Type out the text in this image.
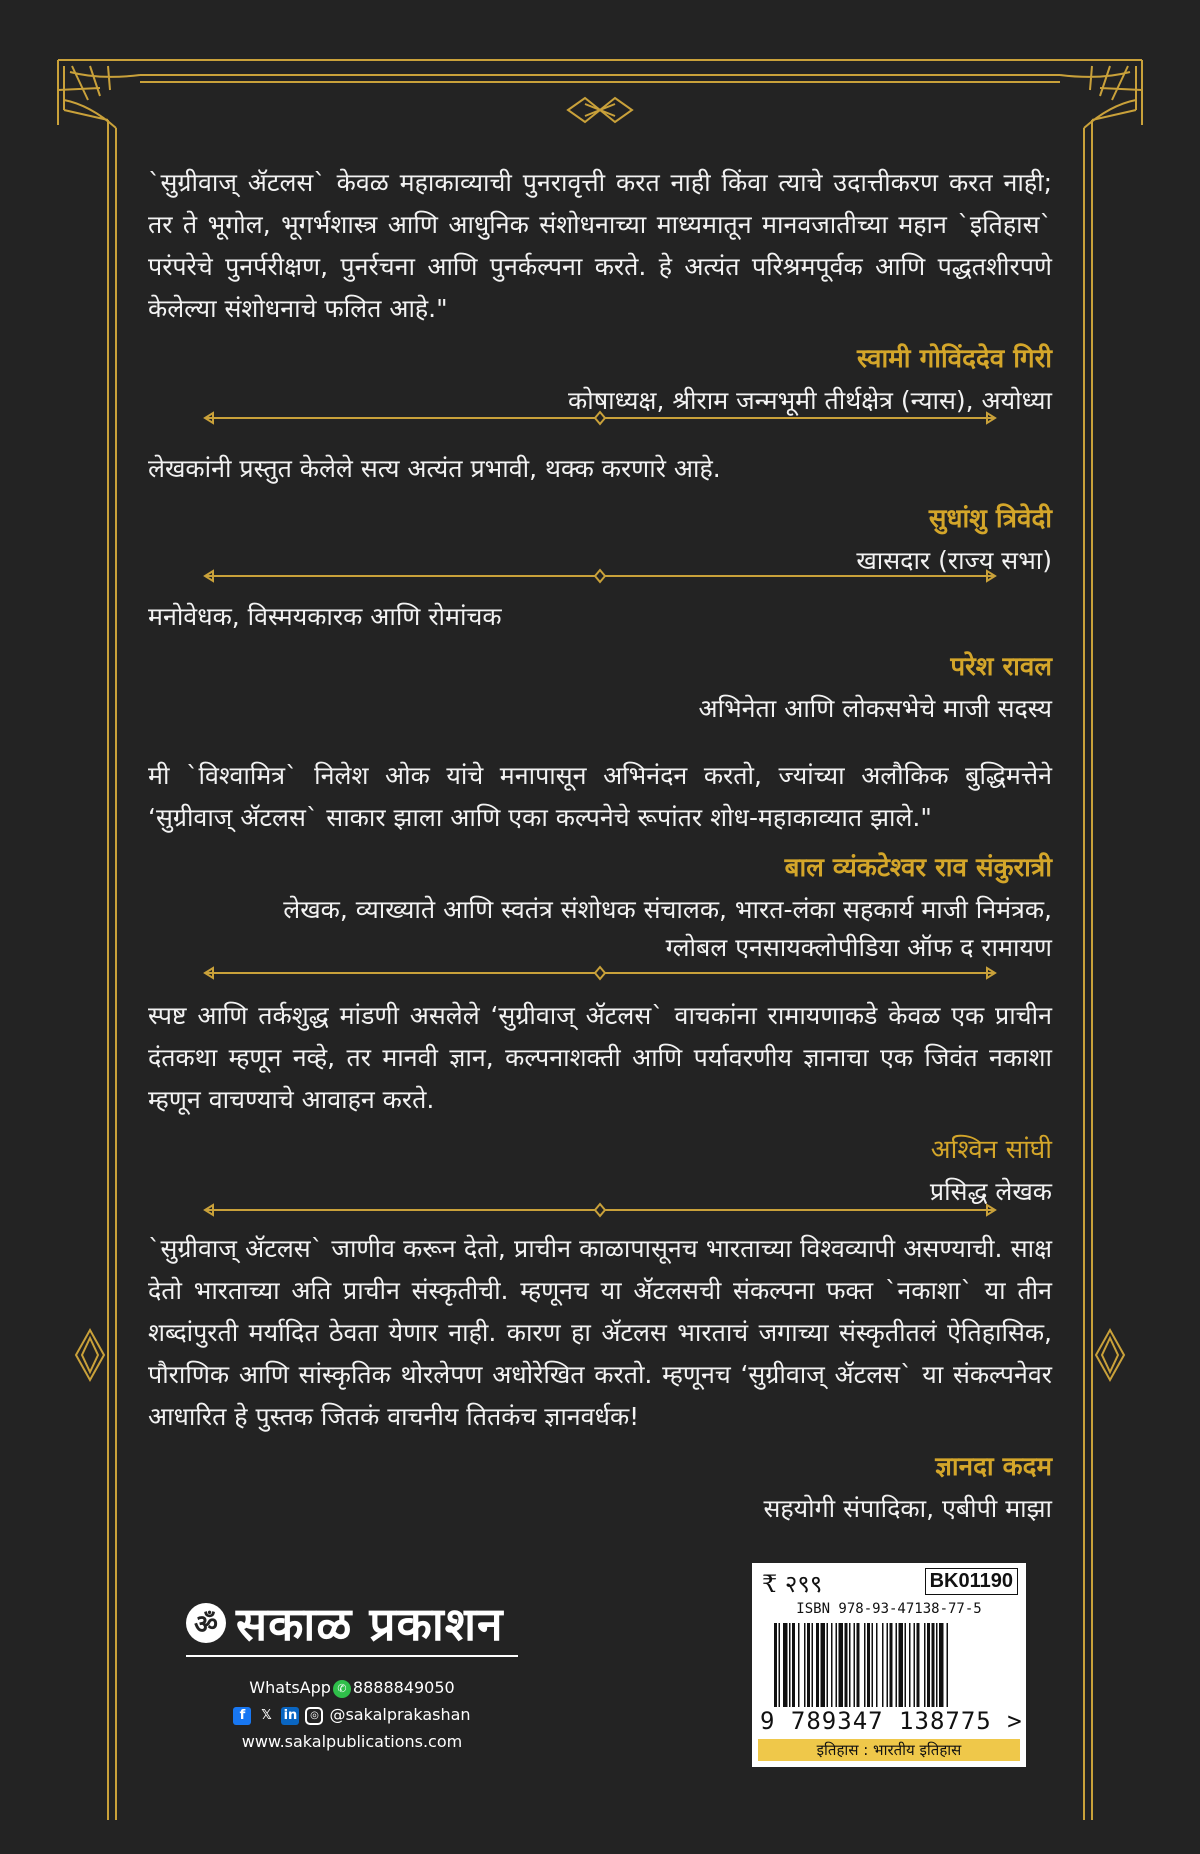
`सुग्रीवाज् ॲटलस` केवळ महाकाव्याची पुनरावृत्ती करत नाही किंवा त्याचे उदात्तीकरण करत नाही; तर ते भूगोल, भूगर्भशास्त्र आणि आधुनिक संशोधनाच्या माध्यमातून मानवजातीच्या महान `इतिहास` परंपरेचे पुनर्परीक्षण, पुनर्रचना आणि पुनर्कल्पना करते. हे अत्यंत परिश्रमपूर्वक आणि पद्धतशीरपणे केलेल्या संशोधनाचे फलित आहे."

स्वामी गोविंददेव गिरी

कोषाध्यक्ष, श्रीराम जन्मभूमी तीर्थक्षेत्र (न्यास), अयोध्या

लेखकांनी प्रस्तुत केलेले सत्य अत्यंत प्रभावी, थक्क करणारे आहे.

सुधांशु त्रिवेदी

खासदार (राज्य सभा)

मनोवेधक, विस्मयकारक आणि रोमांचक

परेश रावल

अभिनेता आणि लोकसभेचे माजी सदस्य

मी `विश्वामित्र` निलेश ओक यांचे मनापासून अभिनंदन करतो, ज्यांच्या अलौकिक बुद्धिमत्तेने ‘सुग्रीवाज् ॲटलस` साकार झाला आणि एका कल्पनेचे रूपांतर शोध-महाकाव्यात झाले."

बाल व्यंकटेश्वर राव संकुरात्री

लेखक, व्याख्याते आणि स्वतंत्र संशोधक संचालक, भारत-लंका सहकार्य माजी निमंत्रक,

ग्लोबल एनसायक्लोपीडिया ऑफ द रामायण

स्पष्ट आणि तर्कशुद्ध मांडणी असलेले ‘सुग्रीवाज् ॲटलस` वाचकांना रामायणाकडे केवळ एक प्राचीन दंतकथा म्हणून नव्हे, तर मानवी ज्ञान, कल्पनाशक्ती आणि पर्यावरणीय ज्ञानाचा एक जिवंत नकाशा म्हणून वाचण्याचे आवाहन करते.

अश्विन सांघी

प्रसिद्ध लेखक

`सुग्रीवाज् ॲटलस` जाणीव करून देतो, प्राचीन काळापासूनच भारताच्या विश्वव्यापी असण्याची. साक्ष देतो भारताच्या अति प्राचीन संस्कृतीची. म्हणूनच या ॲटलसची संकल्पना फक्त `नकाशा` या तीन शब्दांपुरती मर्यादित ठेवता येणार नाही. कारण हा ॲटलस भारताचं जगाच्या संस्कृतीतलं ऐतिहासिक, पौराणिक आणि सांस्कृतिक थोरलेपण अधोरेखित करतो. म्हणूनच ‘सुग्रीवाज् ॲटलस` या संकल्पनेवर आधारित हे पुस्तक जितकं वाचनीय तितकंच ज्ञानवर्धक!

ज्ञानदा कदम

सहयोगी संपादिका, एबीपी माझा

ॐ सकाळ प्रकाशन
WhatsApp ✆ 8888849050
f 𝕏 in ◎ @sakalprakashan
www.sakalpublications.com
₹ २९९	BK01190
ISBN 978-93-47138-77-5
9 789347 138775 >
इतिहास : भारतीय इतिहास
